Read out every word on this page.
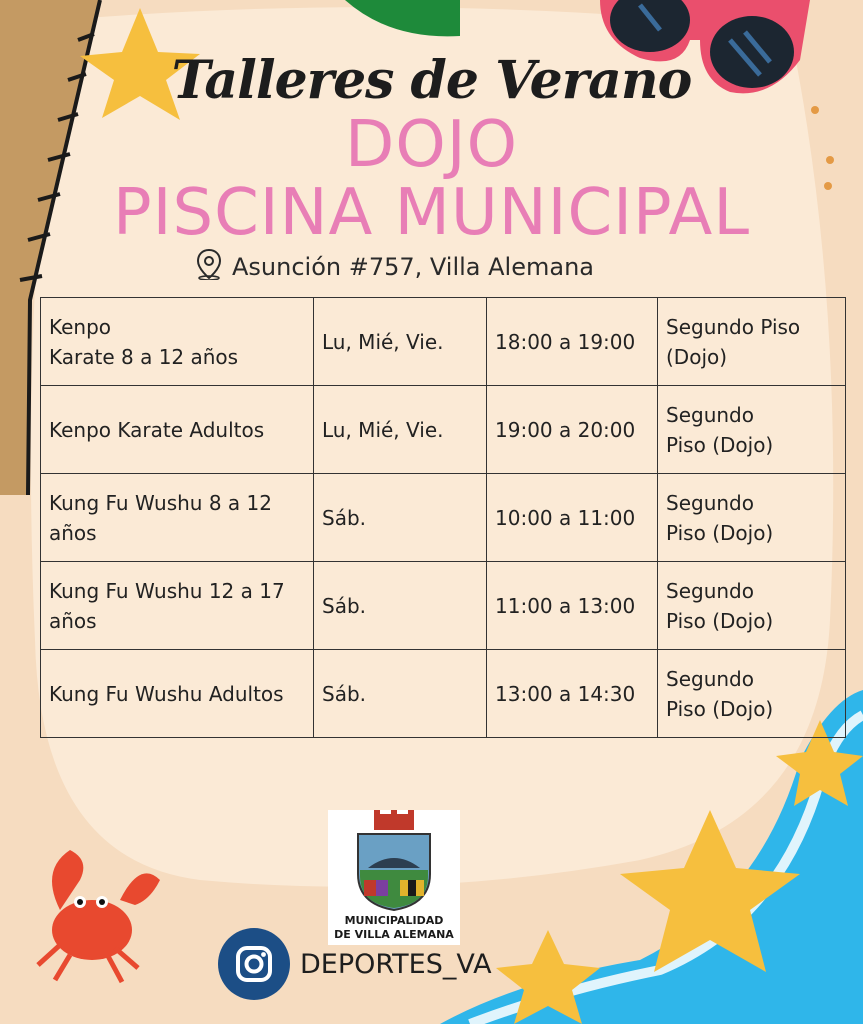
Talleres de Verano
DOJO
PISCINA MUNICIPAL
Asunción #757, Villa Alemana
Kenpo
Karate 8 a 12 años	Lu, Mié, Vie.	18:00 a 19:00	Segundo Piso
(Dojo)
Kenpo Karate Adultos	Lu, Mié, Vie.	19:00 a 20:00	Segundo
Piso (Dojo)
Kung Fu Wushu 8 a 12 años	Sáb.	10:00 a 11:00	Segundo
Piso (Dojo)
Kung Fu Wushu 12 a 17 años	Sáb.	11:00 a 13:00	Segundo
Piso (Dojo)
Kung Fu Wushu Adultos	Sáb.	13:00 a 14:30	Segundo
Piso (Dojo)
MUNICIPALIDAD
DE VILLA ALEMANA
DEPORTES_VA
